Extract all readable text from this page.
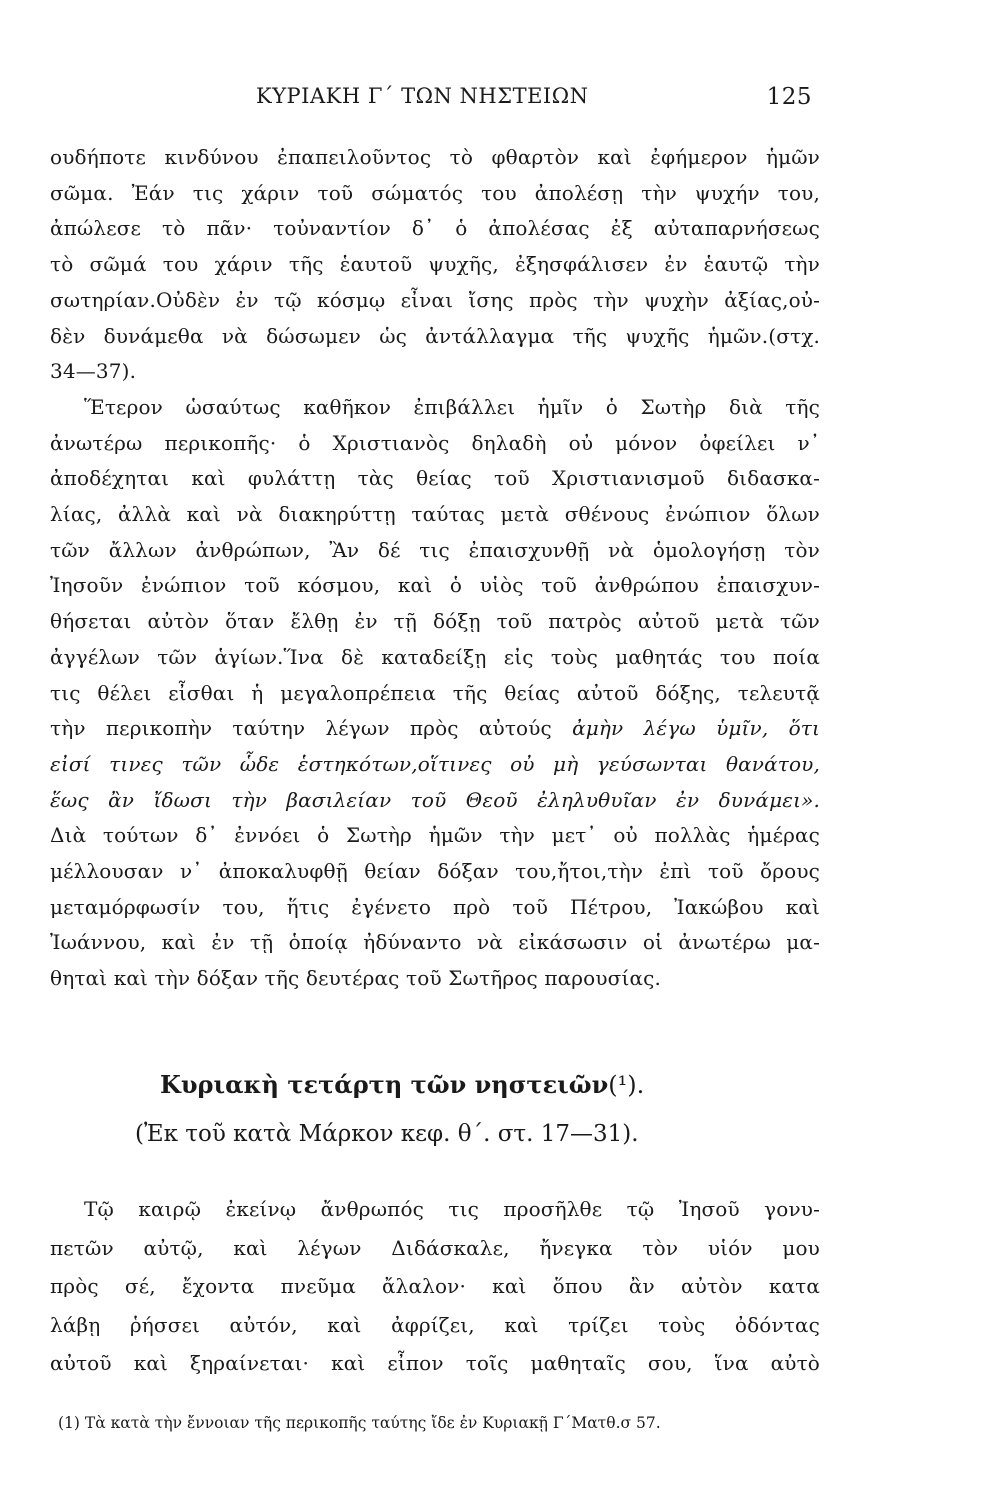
ΚΥΡΙΑΚΗ Γ΄ ΤΩΝ ΝΗΣΤΕΙΩΝ	125
ουδήποτε κινδύνου ἐπαπειλοῦντος τὸ φθαρτὸν καὶ ἐφήμερον ἡμῶν
σῶμα. Ἐάν τις χάριν τοῦ σώματός του ἀπολέσῃ τὴν ψυχήν του,
ἀπώλεσε τὸ πᾶν· τοὐναντίον δ᾽ ὁ ἀπολέσας ἐξ αὐταπαρνήσεως
τὸ σῶμά του χάριν τῆς ἑαυτοῦ ψυχῆς, ἐξησφάλισεν ἐν ἑαυτῷ τὴν
σωτηρίαν.Οὐδὲν ἐν τῷ κόσμῳ εἶναι ἴσης πρὸς τὴν ψυχὴν ἀξίας,οὐ-
δὲν δυνάμεθα νὰ δώσωμεν ὡς ἀντάλλαγμα τῆς ψυχῆς ἡμῶν.(στχ.
34—37).
Ἕτερον ὡσαύτως καθῆκον ἐπιβάλλει ἡμῖν ὁ Σωτὴρ διὰ τῆς
ἀνωτέρω περικοπῆς· ὁ Χριστιανὸς δηλαδὴ οὐ μόνον ὀφείλει ν᾽
ἀποδέχηται καὶ φυλάττῃ τὰς θείας τοῦ Χριστιανισμοῦ διδασκα-
λίας, ἀλλὰ καὶ νὰ διακηρύττῃ ταύτας μετὰ σθένους ἐνώπιον ὅλων
τῶν ἄλλων ἀνθρώπων, Ἂν δέ τις ἐπαισχυνθῇ νὰ ὁμολογήσῃ τὸν
Ἰησοῦν ἐνώπιον τοῦ κόσμου, καὶ ὁ υἱὸς τοῦ ἀνθρώπου ἐπαισχυν-
θήσεται αὐτὸν ὅταν ἔλθῃ ἐν τῇ δόξῃ τοῦ πατρὸς αὐτοῦ μετὰ τῶν
ἀγγέλων τῶν ἁγίων.Ἵνα δὲ καταδείξῃ εἰς τοὺς μαθητάς του ποία
τις θέλει εἶσθαι ἡ μεγαλοπρέπεια τῆς θείας αὐτοῦ δόξης, τελευτᾷ
τὴν περικοπὴν ταύτην λέγων πρὸς αὐτούς ἀμὴν λέγω ὑμῖν, ὅτι
εἰσί τινες τῶν ὧδε ἑστηκότων,οἵτινες οὐ μὴ γεύσωνται θανάτου,
ἕως ἂν ἴδωσι τὴν βασιλείαν τοῦ Θεοῦ ἐληλυθυῖαν ἐν δυνάμει».
Διὰ τούτων δ᾽ ἐννόει ὁ Σωτὴρ ἡμῶν τὴν μετ᾽ οὐ πολλὰς ἡμέρας
μέλλουσαν ν᾽ ἀποκαλυφθῇ θείαν δόξαν του,ἤτοι,τὴν ἐπὶ τοῦ ὄρους
μεταμόρφωσίν του, ἥτις ἐγένετο πρὸ τοῦ Πέτρου, Ἰακώβου καὶ
Ἰωάννου, καὶ ἐν τῇ ὁποίᾳ ἠδύναντο νὰ εἰκάσωσιν οἱ ἀνωτέρω μα-
θηταὶ καὶ τὴν δόξαν τῆς δευτέρας τοῦ Σωτῆρος παρουσίας.
Κυριακὴ τετάρτη τῶν νηστειῶν(¹).
(Ἐκ τοῦ κατὰ Μάρκον κεφ. θ΄. στ. 17—31).
Τῷ καιρῷ ἐκείνῳ ἄνθρωπός τις προσῆλθε τῷ Ἰησοῦ γονυ-
πετῶν αὐτῷ, καὶ λέγων Διδάσκαλε, ἤνεγκα τὸν υἱόν μου
πρὸς σέ, ἔχοντα πνεῦμα ἄλαλον· καὶ ὅπου ἂν αὐτὸν κατα
λάβῃ ῥήσσει αὐτόν, καὶ ἀφρίζει, καὶ τρίζει τοὺς ὀδόντας
αὐτοῦ καὶ ξηραίνεται· καὶ εἶπον τοῖς μαθηταῖς σου, ἵνα αὐτὸ
(1) Τὰ κατὰ τὴν ἔννοιαν τῆς περικοπῆς ταύτης ἴδε ἐν Κυριακῇ Γ΄Ματθ.σ 57.
